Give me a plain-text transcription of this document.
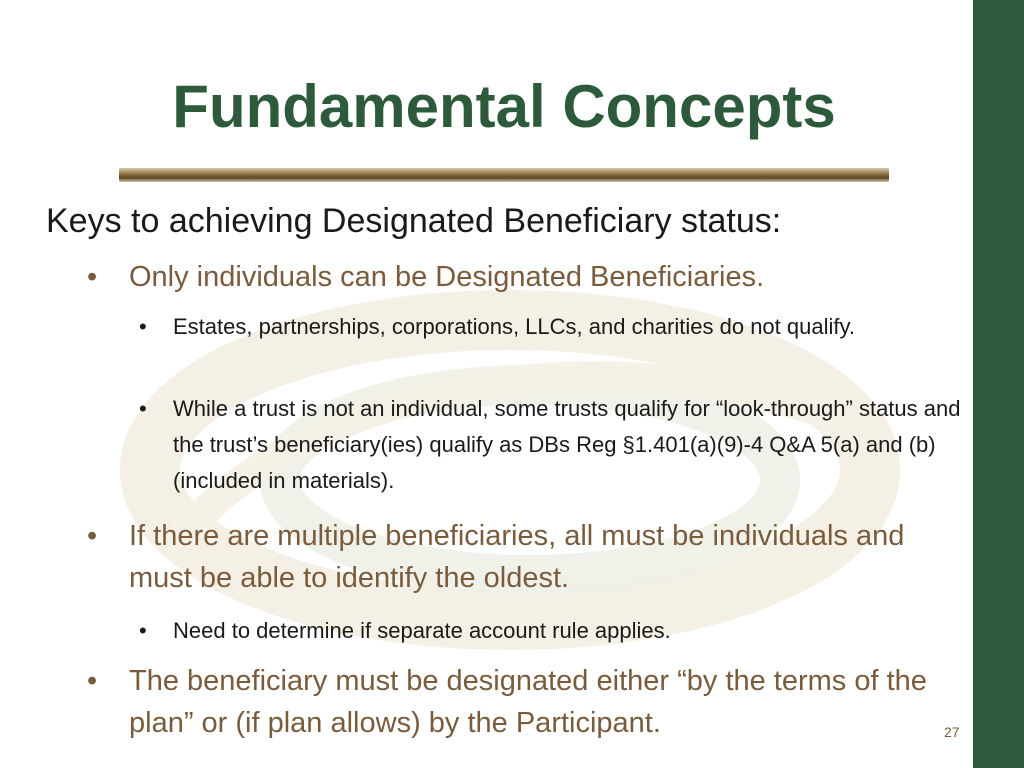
Fundamental Concepts
Keys to achieving Designated Beneficiary status:
• Only individuals can be Designated Beneficiaries.
• Estates, partnerships, corporations, LLCs, and charities do not qualify.
• While a trust is not an individual, some trusts qualify for “look-through” status and the trust’s beneficiary(ies) qualify as DBs Reg §1.401(a)(9)-4 Q&A 5(a) and (b) (included in materials).
• If there are multiple beneficiaries, all must be individuals and must be able to identify the oldest.
• Need to determine if separate account rule applies.
• The beneficiary must be designated either “by the terms of the plan” or (if plan allows) by the Participant.	27
